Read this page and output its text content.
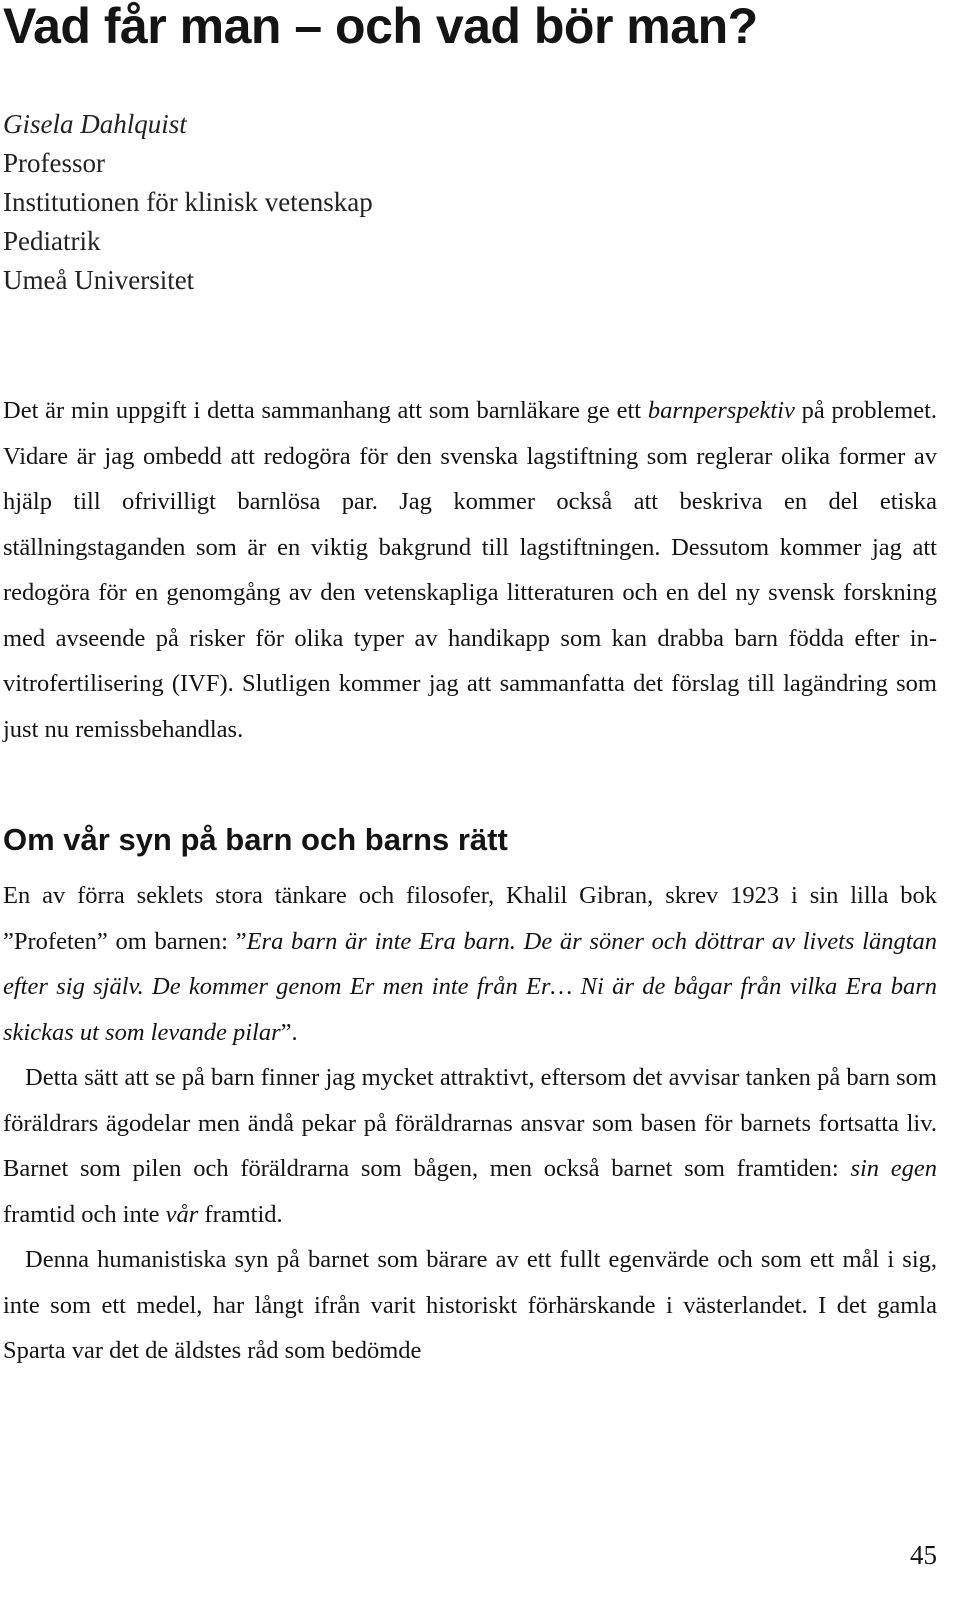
Vad får man – och vad bör man?
Gisela Dahlquist
Professor
Institutionen för klinisk vetenskap
Pediatrik
Umeå Universitet

Det är min uppgift i detta sammanhang att som barnläkare ge ett barnperspektiv på problemet. Vidare är jag ombedd att redogöra för den svenska lagstiftning som reglerar olika former av hjälp till ofrivilligt barnlösa par. Jag kommer också att beskriva en del etiska ställningstaganden som är en viktig bakgrund till lagstiftningen. Dessutom kommer jag att redogöra för en genomgång av den vetenskapliga litteraturen och en del ny svensk forskning med avseende på risker för olika typer av handikapp som kan drabba barn födda efter in-vitrofertilisering (IVF). Slutligen kommer jag att sammanfatta det förslag till lagändring som just nu remissbehandlas.

Om vår syn på barn och barns rätt

En av förra seklets stora tänkare och filosofer, Khalil Gibran, skrev 1923 i sin lilla bok ”Profeten” om barnen: ”Era barn är inte Era barn. De är söner och döttrar av livets längtan efter sig själv. De kommer genom Er men inte från Er… Ni är de bågar från vilka Era barn skickas ut som levande pilar”.

Detta sätt att se på barn finner jag mycket attraktivt, eftersom det avvisar tanken på barn som föräldrars ägodelar men ändå pekar på föräldrarnas ansvar som basen för barnets fortsatta liv. Barnet som pilen och föräldrarna som bågen, men också barnet som framtiden: sin egen framtid och inte vår framtid.

Denna humanistiska syn på barnet som bärare av ett fullt egenvärde och som ett mål i sig, inte som ett medel, har långt ifrån varit historiskt förhärskande i västerlandet. I det gamla Sparta var det de äldstes råd som bedömde

45
